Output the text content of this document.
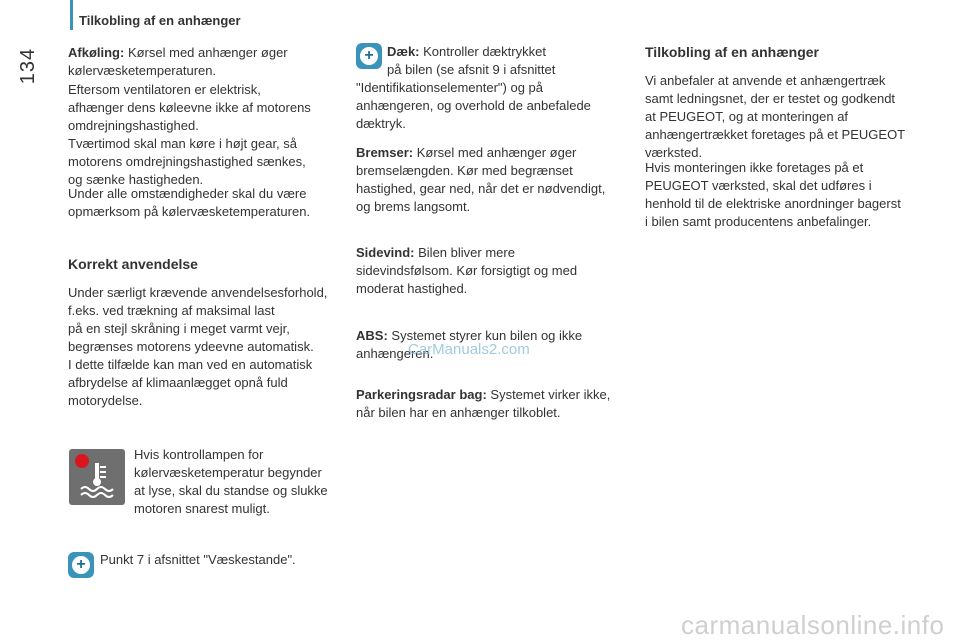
134
Tilkobling af en anhænger
Afkøling: Kørsel med anhænger øger
kølervæsketemperaturen.
Eftersom ventilatoren er elektrisk,
afhænger dens køleevne ikke af motorens
omdrejningshastighed.
Tværtimod skal man køre i højt gear, så
motorens omdrejningshastighed sænkes,
og sænke hastigheden.
Under alle omstændigheder skal du være
opmærksom på kølervæsketemperaturen.
Korrekt anvendelse
Under særligt krævende anvendelsesforhold,
f.eks. ved trækning af maksimal last
på en stejl skråning i meget varmt vejr,
begrænses motorens ydeevne automatisk.
I dette tilfælde kan man ved en automatisk
afbrydelse af klimaanlægget opnå fuld
motorydelse.
Hvis kontrollampen for
kølervæsketemperatur begynder
at lyse, skal du standse og slukke
motoren snarest muligt.
+	Punkt 7 i afsnittet "Væskestande".
+	Dæk: Kontroller dæktrykket
på bilen (se afsnit 9 i afsnittet
"Identifikationselementer") og på
anhængeren, og overhold de anbefalede
dæktryk.
Bremser: Kørsel med anhænger øger
bremselængden. Kør med begrænset
hastighed, gear ned, når det er nødvendigt,
og brems langsomt.
Sidevind: Bilen bliver mere
sidevindsfølsom. Kør forsigtigt og med
moderat hastighed.
ABS: Systemet styrer kun bilen og ikke
anhængeren.
Parkeringsradar bag: Systemet virker ikke,
når bilen har en anhænger tilkoblet.
CarManuals2.com
Tilkobling af en anhænger
Vi anbefaler at anvende et anhængertræk
samt ledningsnet, der er testet og godkendt
at PEUGEOT, og at monteringen af
anhængertrækket foretages på et PEUGEOT
værksted.
Hvis monteringen ikke foretages på et
PEUGEOT værksted, skal det udføres i
henhold til de elektriske anordninger bagerst
i bilen samt producentens anbefalinger.
carmanualsonline.info
